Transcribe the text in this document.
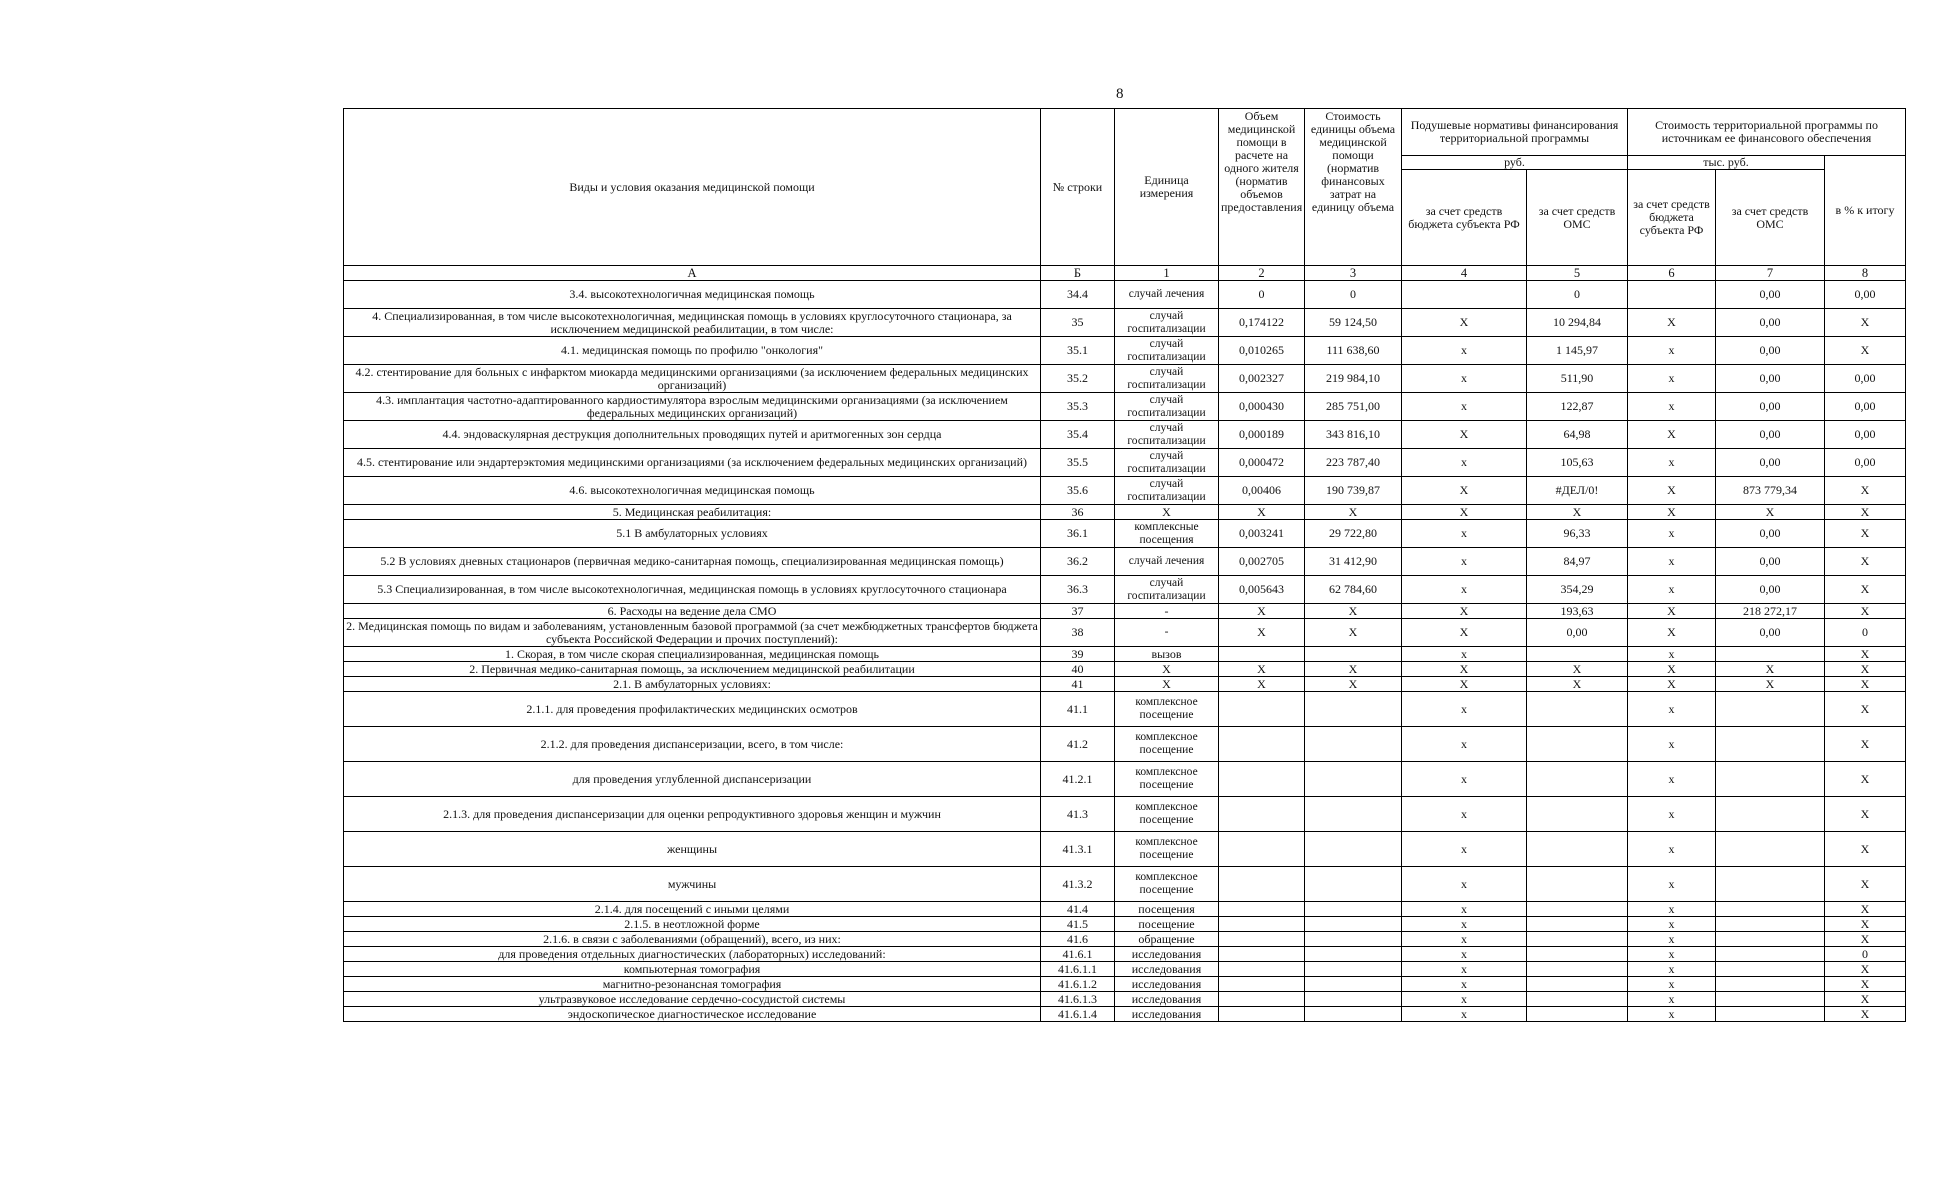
8
Виды и условия оказания медицинской помощи	№ строки	Единица измерения	Объем медицинской помощи в расчете на одного жителя (норматив объемов предоставления	Стоимость единицы объема медицинской помощи (норматив финансовых затрат на единицу объема	Подушевые нормативы финансирования территориальной программы		Стоимость территориальной программы по источникам ее финансового обеспечения		
					руб.		тыс. руб.		в % к итогу
					за счет средств бюджета субъекта РФ	за счет средств ОМС	за счет средств бюджета субъекта РФ	за счет средств ОМС	
А	Б	1	2	3	4	5	6	7	8
3.4. высокотехнологичная медицинская помощь	34.4	случай лечения	0	0		0		0,00	0,00
4. Специализированная, в том числе высокотехнологичная, медицинская помощь в условиях круглосуточного стационара, за исключением медицинской реабилитации, в том числе:	35	случай госпитализации	0,174122	59 124,50	X	10 294,84	X	0,00	X
4.1. медицинская помощь по профилю "онкология"	35.1	случай госпитализации	0,010265	111 638,60	x	1 145,97	x	0,00	X
4.2. стентирование для больных с инфарктом миокарда медицинскими организациями (за исключением федеральных медицинских организаций)	35.2	случай госпитализации	0,002327	219 984,10	x	511,90	x	0,00	0,00
4.3. имплантация частотно-адаптированного кардиостимулятора взрослым медицинскими организациями (за исключением федеральных медицинских организаций)	35.3	случай госпитализации	0,000430	285 751,00	x	122,87	x	0,00	0,00
4.4. эндоваскулярная деструкция дополнительных проводящих путей и аритмогенных зон сердца	35.4	случай госпитализации	0,000189	343 816,10	X	64,98	X	0,00	0,00
4.5. стентирование или эндартерэктомия медицинскими организациями (за исключением федеральных медицинских организаций)	35.5	случай госпитализации	0,000472	223 787,40	x	105,63	x	0,00	0,00
4.6. высокотехнологичная медицинская помощь	35.6	случай госпитализации	0,00406	190 739,87	X	#ДЕЛ/0!	X	873 779,34	X
5. Медицинская реабилитация:	36	X	X	X	X	X	X	X	X
5.1 В амбулаторных условиях	36.1	комплексные посещения	0,003241	29 722,80	x	96,33	x	0,00	X
5.2 В условиях дневных стационаров (первичная медико-санитарная помощь, специализированная медицинская помощь)	36.2	случай лечения	0,002705	31 412,90	x	84,97	x	0,00	X
5.3 Специализированная, в том числе высокотехнологичная, медицинская помощь в условиях круглосуточного стационара	36.3	случай госпитализации	0,005643	62 784,60	x	354,29	x	0,00	X
6. Расходы на ведение дела СМО	37	-	X	X	X	193,63	X	218 272,17	X
2. Медицинская помощь по видам и заболеваниям, установленным базовой программой (за счет межбюджетных трансфертов бюджета субъекта Российской Федерации и прочих поступлений):	38	-	X	X	X	0,00	X	0,00	0
1. Скорая, в том числе скорая специализированная, медицинская помощь	39	вызов			x		x		X
2. Первичная медико-санитарная помощь, за исключением медицинской реабилитации	40	X	X	X	X	X	X	X	X
2.1. В амбулаторных условиях:	41	X	X	X	X	X	X	X	X
2.1.1. для проведения профилактических медицинских осмотров	41.1	комплексное посещение			x		x		X
2.1.2. для проведения диспансеризации, всего, в том числе:	41.2	комплексное посещение			x		x		X
для проведения углубленной диспансеризации	41.2.1	комплексное посещение			x		x		X
2.1.3. для проведения диспансеризации для оценки репродуктивного здоровья женщин и мужчин	41.3	комплексное посещение			x		x		X
женщины	41.3.1	комплексное посещение			x		x		X
мужчины	41.3.2	комплексное посещение			x		x		X
2.1.4. для посещений с иными целями	41.4	посещения			x		x		X
2.1.5. в неотложной форме	41.5	посещение			x		x		X
2.1.6. в связи с заболеваниями (обращений), всего, из них:	41.6	обращение			x		x		X
для проведения отдельных диагностических (лабораторных) исследований:	41.6.1	исследования			x		x		0
компьютерная томография	41.6.1.1	исследования			x		x		X
магнитно-резонансная томография	41.6.1.2	исследования			x		x		X
ультразвуковое исследование сердечно-сосудистой системы	41.6.1.3	исследования			x		x		X
эндоскопическое диагностическое исследование	41.6.1.4	исследования			x		x		X
